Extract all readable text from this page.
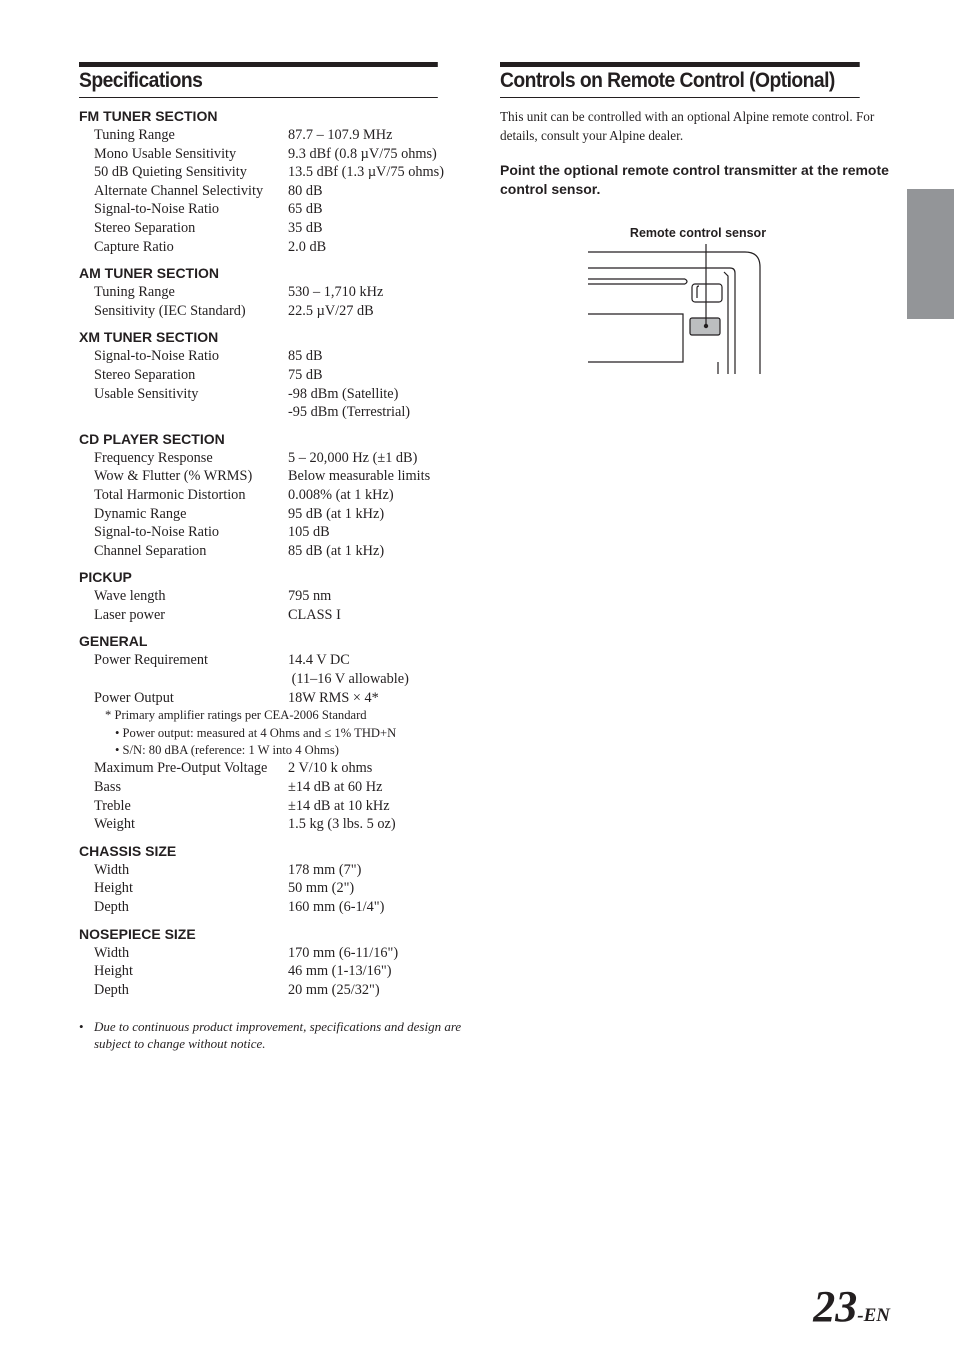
Specifications
FM TUNER SECTION
Tuning Range	87.7 – 107.9 MHz
Mono Usable Sensitivity	9.3 dBf (0.8 µV/75 ohms)
50 dB Quieting Sensitivity	13.5 dBf (1.3 µV/75 ohms)
Alternate Channel Selectivity	80 dB
Signal-to-Noise Ratio	65 dB
Stereo Separation	35 dB
Capture Ratio	2.0 dB
AM TUNER SECTION
Tuning Range	530 – 1,710 kHz
Sensitivity (IEC Standard)	22.5 µV/27 dB
XM TUNER SECTION
Signal-to-Noise Ratio	85 dB
Stereo Separation	75 dB
Usable Sensitivity	-98 dBm (Satellite)
-95 dBm (Terrestrial)
CD PLAYER SECTION
Frequency Response	5 – 20,000 Hz (±1 dB)
Wow & Flutter (% WRMS)	Below measurable limits
Total Harmonic Distortion	0.008% (at 1 kHz)
Dynamic Range	95 dB (at 1 kHz)
Signal-to-Noise Ratio	105 dB
Channel Separation	85 dB (at 1 kHz)
PICKUP
Wave length	795 nm
Laser power	CLASS I
GENERAL
Power Requirement	14.4 V DC
(11–16 V allowable)
Power Output	18W RMS × 4*
* Primary amplifier ratings per CEA-2006 Standard
• Power output: measured at 4 Ohms and ≤ 1% THD+N
• S/N: 80 dBA (reference: 1 W into 4 Ohms)
Maximum Pre-Output Voltage	2 V/10 k ohms
Bass	±14 dB at 60 Hz
Treble	±14 dB at 10 kHz
Weight	1.5 kg (3 lbs. 5 oz)
CHASSIS SIZE
Width	178 mm (7")
Height	50 mm (2")
Depth	160 mm (6-1/4")
NOSEPIECE SIZE
Width	170 mm (6-11/16")
Height	46 mm (1-13/16")
Depth	20 mm (25/32")
• Due to continuous product improvement, specifications and design are subject to change without notice.
Controls on Remote Control (Optional)
This unit can be controlled with an optional Alpine remote control. For details, consult your Alpine dealer.
Point the optional remote control transmitter at the remote control sensor.
Remote control sensor
23-EN
